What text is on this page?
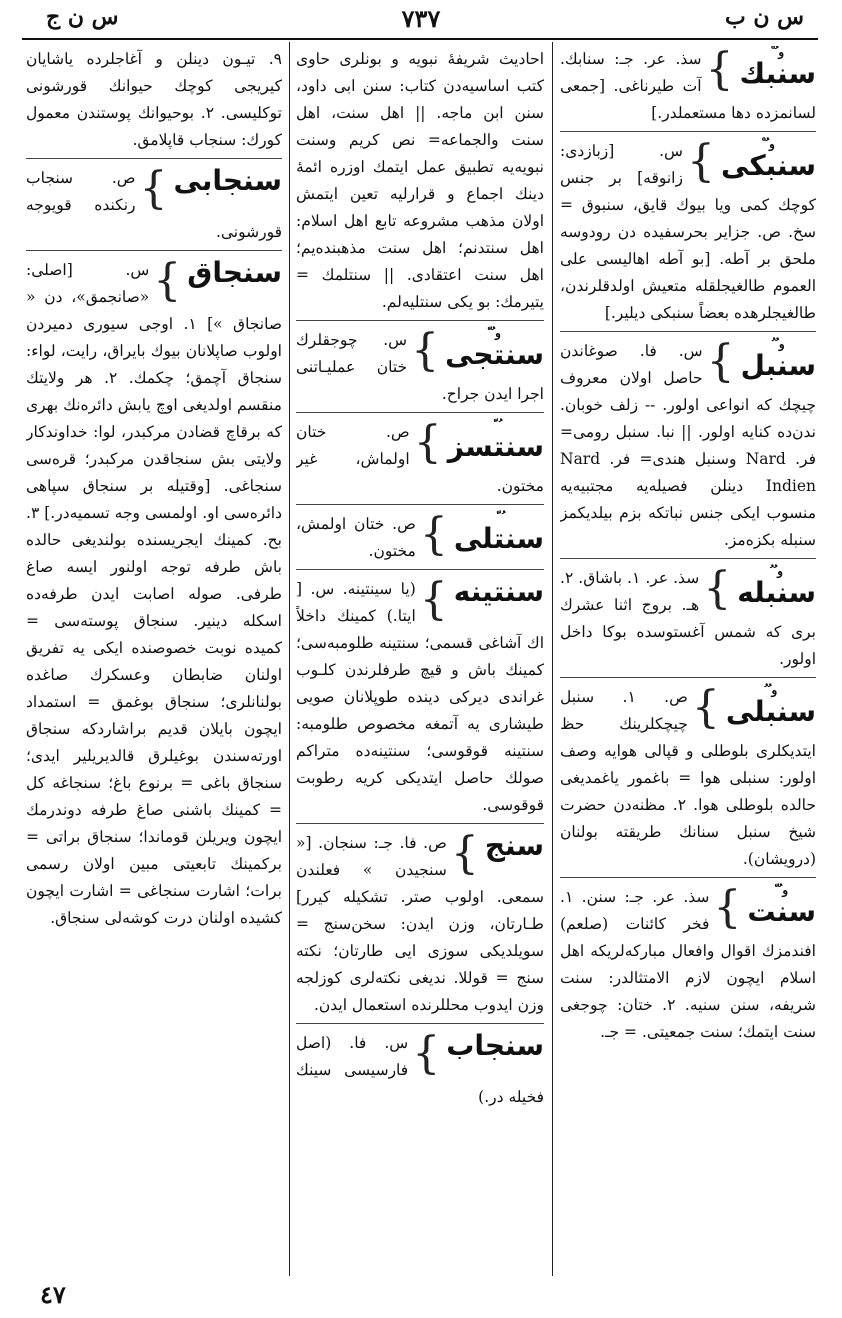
س ن ب
٧٣٧
س ن ج
و ُ ْ
سنبك
}
سذ. عر. جـ: سنابك. آت طيرناغى. [جمعى لسانمزده دها مستعملدر.]
و ُ ْ
سنبكى
}
س. [زبازدى: زانوقه] بر جنس كوچك كمى ويا بيوك قايق، سنبوق = سخ. ص. جزاير بحرسفيده دن رودوسه ملحق بر آطه. [بو آطه اهاليسى على العموم طالغيجلقله متعيش اولدقلرندن، طالغيجلرهده بعضاً سنبكى ديلير.]
و ُ ُ
سنبل
}
س. فا. صوغاندن حاصل اولان معروف چيچك كه انواعى اولور. -- زلف خوبان. ندن‌ده كنايه اولور. || نبا. سنبل رومى= فر. Nard وسنبل هندى= فر. Nard Indien دينلن فصيله‌يه مجتبيه‌يه منسوب ايكى جنس نباتكه بزم بيلديكمز سنبله بكزه‌مز.
و ُ ُ
سنبله
}
سذ. عر. ١. باشاق. ٢. هـ. بروج اثنا عشرك برى كه شمس آغستوسده بوكا داخل اولور.
و ُ ُ
سنبلى
}
ص. ١. سنبل چيچكلرينك حظ ايتديكلرى بلوطلى و قپالى هوايه وصف اولور: سنبلى هوا = باغمور ياغمديغى حالده بلوطلى هوا. ٢. مظنه‌دن حضرت شيخ سنبل سنانك طريقته بولنان (درويشان).
و ُ ّ
سنت
}
سذ. عر. جـ: سنن. ١. فخر كائنات (صلعم) افندمزك اقوال وافعال مباركه‌لريكه اهل اسلام ايچون لازم الامتثالدر: سنت شريفه، سنن سنيه. ٢. ختان: چوجغى سنت ايتمك؛ سنت جمعيتى. = جـ.
احاديث شريفهٔ نبويه و بونلرى حاوى كتب اساسيه‌دن كتاب: سنن ابى داود، سنن ابن ماجه. || اهل سنت، اهل سنت والجماعه= نص كريم وسنت نبويه‌يه تطبيق عمل ايتمك اوزره ائمهٔ دينك اجماع و قرارليه تعين ايتمش اولان مذهب مشروعه تابع اهل اسلام: اهل سنتدنم؛ اهل سنت مذهبنده‌يم؛ اهل سنت اعتقادى. || سنتلمك = يتيرمك: بو يكى سنتليه‌لم.
و ُ ّ
سنتجى
}
س. چوجقلرك ختان عمليـاتنى اجرا ايدن جراح.
ُ ّ
سنتسز
}
ص. ختان اولماش، غير مختون.
ُ ّ
سنتلى
}
ص. ختان اولمش، مختون.
سنتينه
}
(يا سينتينه. س. [ ايتا.) كمينك داخلاً اك آشاغى قسمى؛ سنتينه طلومبه‌سى؛ كمينك باش و قيچ طرفلرندن كلـوب غراندى ديركى دينده طوپلانان صويى طيشارى يه آتمغه مخصوص طلومبه: سنتينه قوقوسى؛ سنتينه‌ده متراكم صولك حاصل ايتديكى كريه رطوبت قوقوسى.
سنج
}
ص. فا. جـ: سنجان. [« سنجيدن » فعلندن سمعى. اولوب صتر. تشكيله كيرر] طـارتان، وزن ايدن: سخن‌سنج = سويلديكى سوزى ايى طارتان؛ نكته سنج = قوللا. نديغى نكته‌لرى كوزلجه وزن ايدوب محللرنده استعمال ايدن.
سنجاب
}
س. فا. (اصل فارسيسى سينك فخيله در.)
٩. تيـون دينلن و آغاجلرده ياشايان كيريجى كوچك حيوانك قورشونى توكليسى. ٢. بوحيوانك پوستندن معمول كورك: سنجاب قاپلامق.
سنجابى
}
ص. سنجاب رنكنده قويوجه قورشونى.
سنجاق
}
س. [اصلى: «صانجمق»، دن « صانجاق »] ١. اوجى سيورى دميردن اولوب صاپلانان بيوك بايراق، رايت، لواء: سنجاق آچمق؛ چكمك. ٢. هر ولايتك منقسم اولديغى اوچ يابش دائره‌نك بهرى كه برقاچ قضادن مركبدر، لوا: خداوندكار ولايتى بش سنجاقدن مركبدر؛ قره‌سى سنجاغى. [وقتيله بر سنجاق سپاهى دائره‌سى او. اولمسى وجه تسميه‌در.] ٣. بح. كمينك ايجريسنده بولنديغى حالده باش طرفه توجه اولنور ايسه صاغ طرفى. صوله اصابت ايدن طرفه‌ده اسكله دينير. سنجاق پوسته‌سى = كميده نوبت خصوصنده ايكى يه تفريق اولنان ضابطان وعسكرك صاغده بولنانلرى؛ سنجاق بوغمق = استمداد ايچون بايلان قديم براشاردكه سنجاق اورته‌سندن بوغيلرق قالديريلير ايدى؛ سنجاق باغى = برنوع باغ؛ سنجاغه كل = كمينك باشنى صاغ طرفه دوندرمك ايچون ويريلن قوماندا؛ سنجاق براتى = بركمينك تابعيتى مبين اولان رسمى برات؛ اشارت سنجاغى = اشارت ايچون كشيده اولنان درت كوشه‌لى سنجاق.
٤٧
